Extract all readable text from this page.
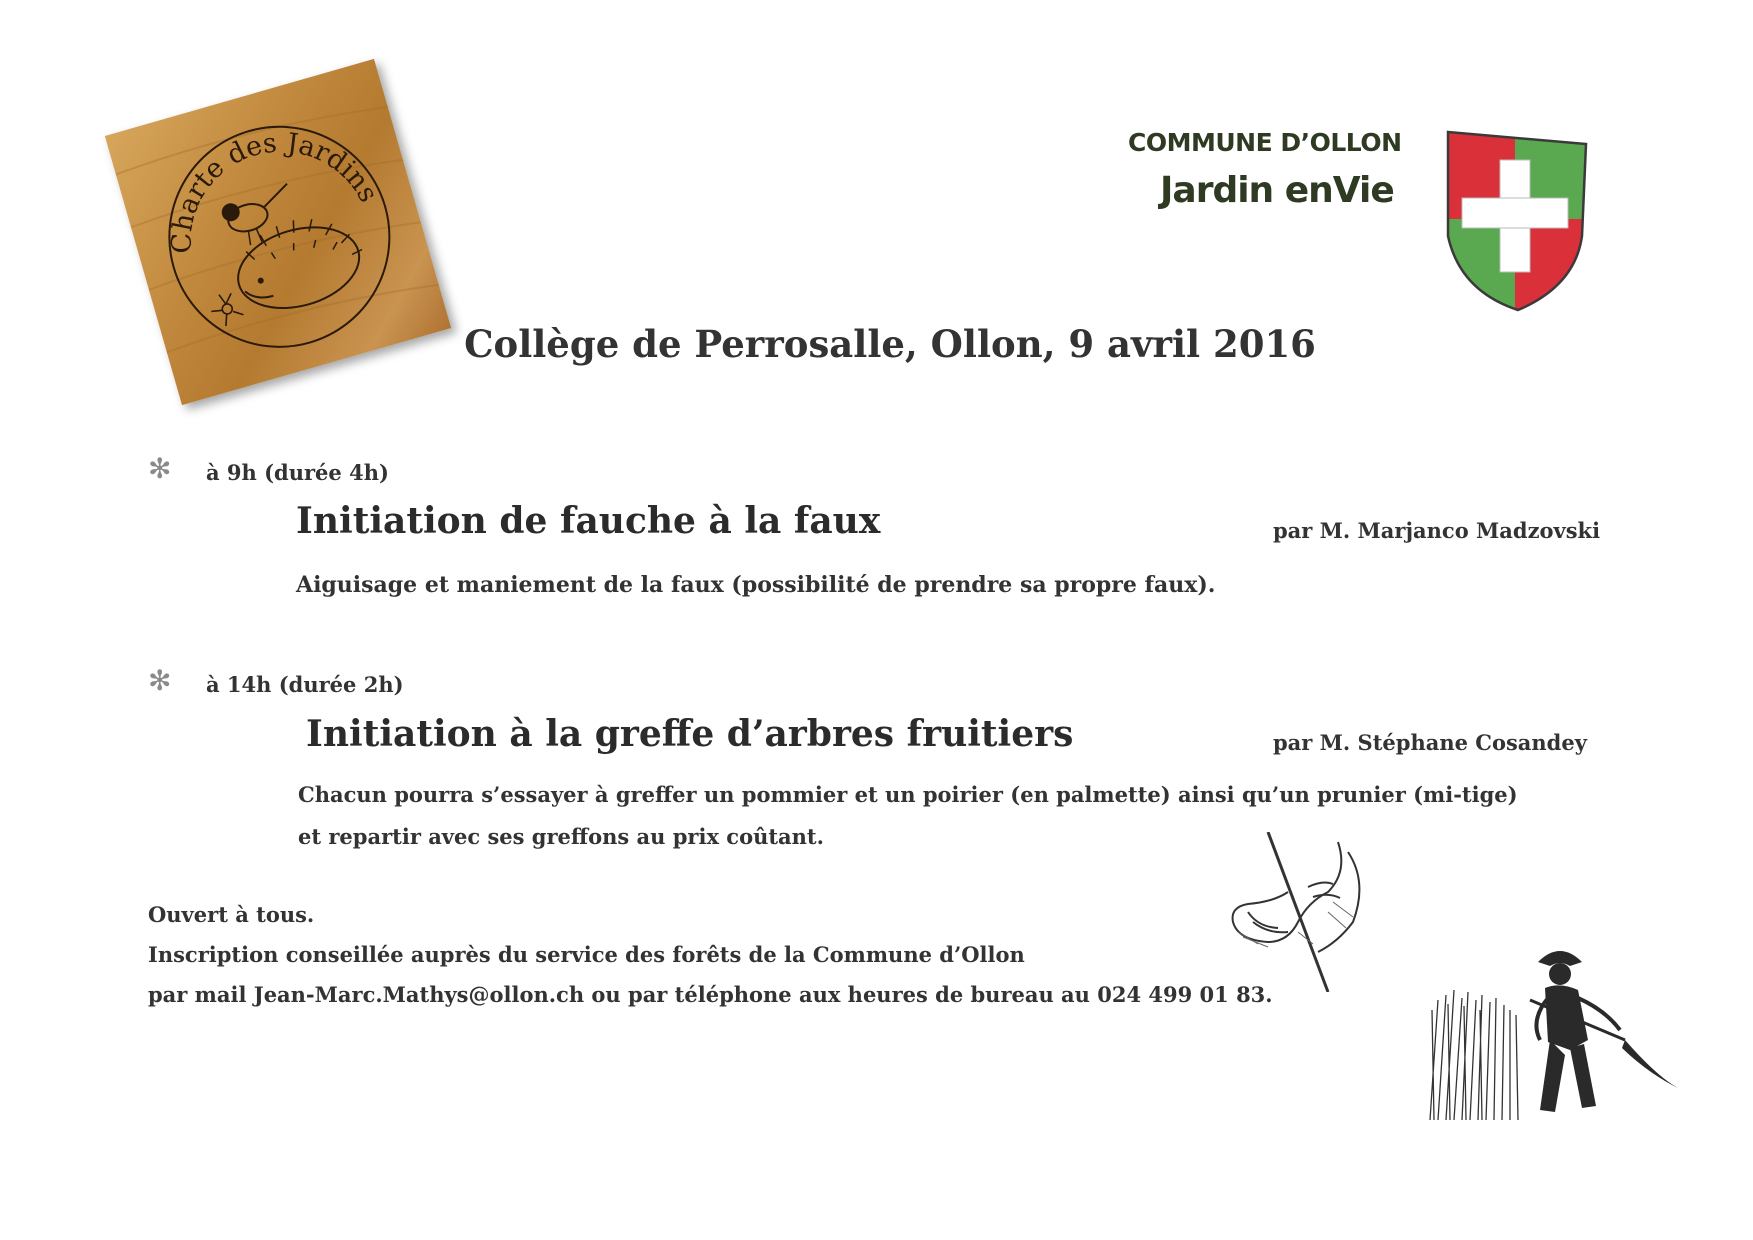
Charte des Jardins
COMMUNE D’OLLON
Jardin enVie
Collège de Perrosalle, Ollon, 9 avril 2016
✻ à 9h (durée 4h)
Initiation de fauche à la faux	par M. Marjanco Madzovski
Aiguisage et maniement de la faux (possibilité de prendre sa propre faux).
✻ à 14h (durée 2h)
Initiation à la greffe d’arbres fruitiers	par M. Stéphane Cosandey
Chacun pourra s’essayer à greffer un pommier et un poirier (en palmette) ainsi qu’un prunier (mi-tige)
et repartir avec ses greffons au prix coûtant.
Ouvert à tous.
Inscription conseillée auprès du service des forêts de la Commune d’Ollon
par mail Jean-Marc.Mathys@ollon.ch ou par téléphone aux heures de bureau au 024 499 01 83.
